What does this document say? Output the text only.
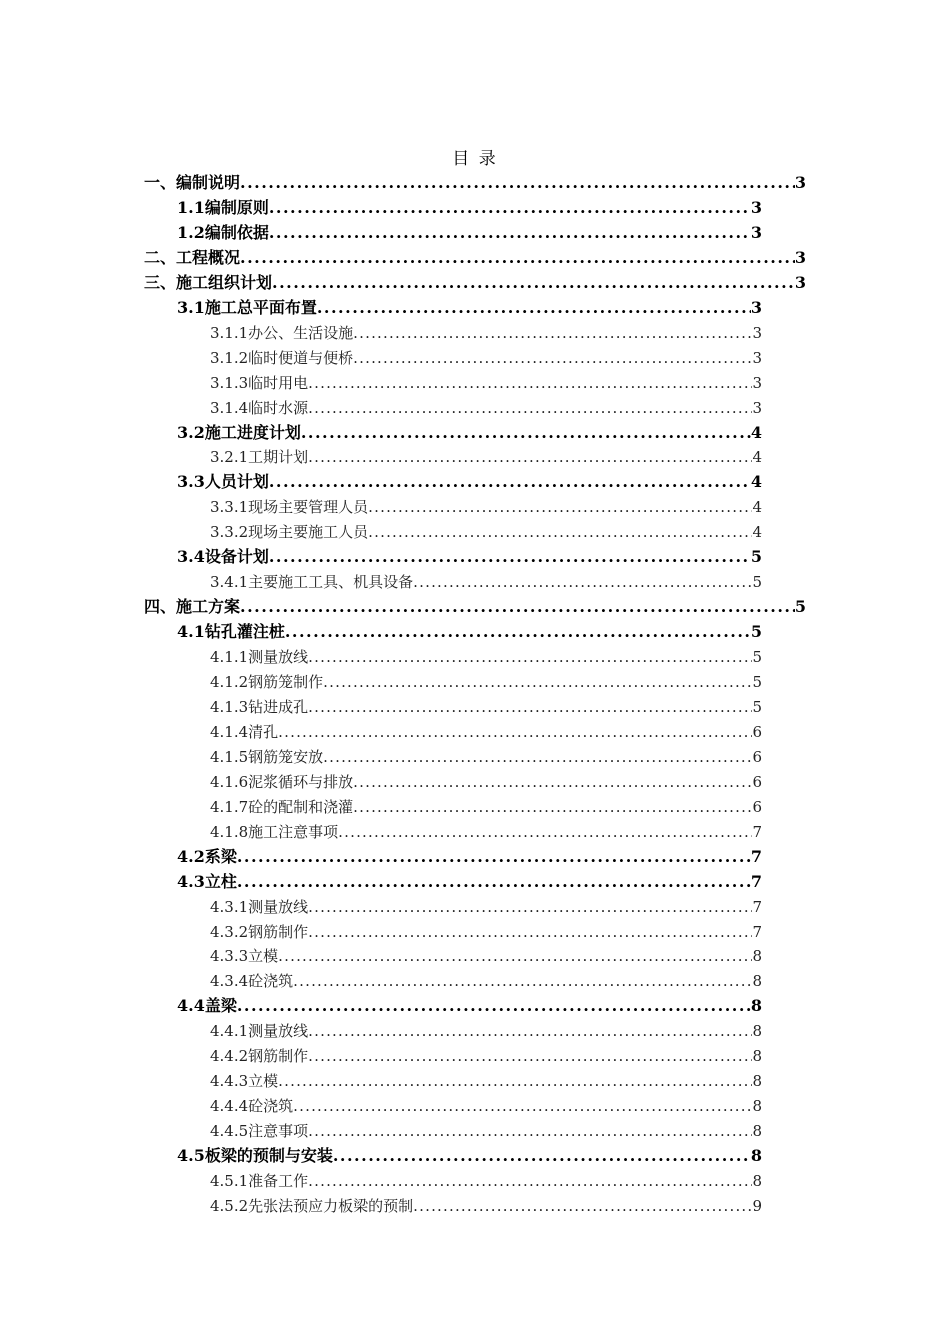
目 录
一、编制说明 .....	3
1.1编制原则 .....	3
1.2编制依据 .....	3
二、工程概况 .....	3
三、施工组织计划 .....	3
3.1施工总平面布置 .....	3
3.1.1办公、生活设施 .....	3
3.1.2临时便道与便桥 .....	3
3.1.3临时用电 .....	3
3.1.4临时水源 .....	3
3.2施工进度计划 .....	4
3.2.1工期计划 .....	4
3.3人员计划 .....	4
3.3.1现场主要管理人员 .....	4
3.3.2现场主要施工人员 .....	4
3.4设备计划 .....	5
3.4.1主要施工工具、机具设备 .....	5
四、施工方案 .....	5
4.1钻孔灌注桩 .....	5
4.1.1测量放线 .....	5
4.1.2钢筋笼制作 .....	5
4.1.3钻进成孔 .....	5
4.1.4清孔 .....	6
4.1.5钢筋笼安放 .....	6
4.1.6泥浆循环与排放 .....	6
4.1.7砼的配制和浇灌 .....	6
4.1.8施工注意事项 .....	7
4.2系梁 .....	7
4.3立柱 .....	7
4.3.1测量放线 .....	7
4.3.2钢筋制作 .....	7
4.3.3立模 .....	8
4.3.4砼浇筑 .....	8
4.4盖梁 .....	8
4.4.1测量放线 .....	8
4.4.2钢筋制作 .....	8
4.4.3立模 .....	8
4.4.4砼浇筑 .....	8
4.4.5注意事项 .....	8
4.5板梁的预制与安装 .....	8
4.5.1准备工作 .....	8
4.5.2先张法预应力板梁的预制 .....	9
